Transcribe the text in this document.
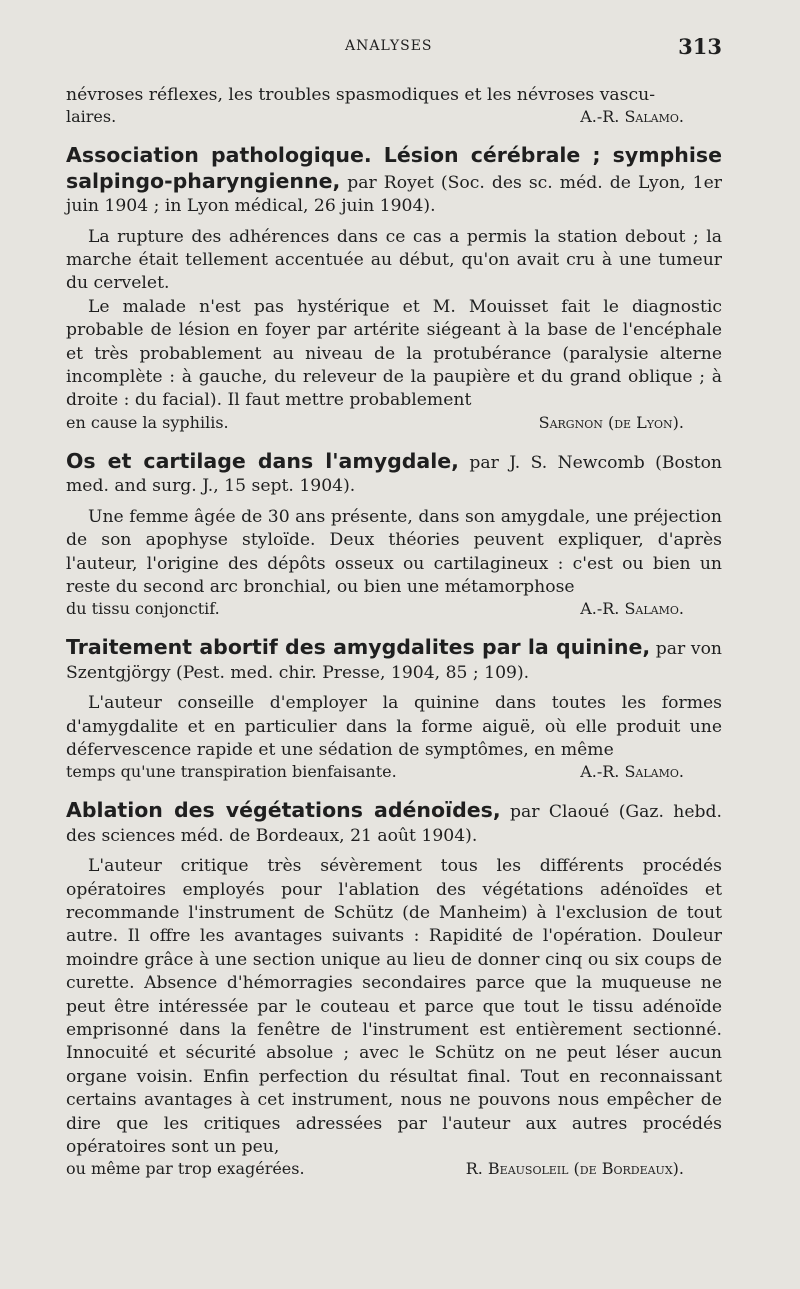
ANALYSES	313

névroses réflexes, les troubles spasmodiques et les névroses vascu-

laires.	A.-R. Salamo.
Association pathologique. Lésion cérébrale ; symphise salpingo-pharyngienne, par Royet (Soc. des sc. méd. de Lyon, 1er juin 1904 ; in Lyon médical, 26 juin 1904).

La rupture des adhérences dans ce cas a permis la station debout ; la marche était tellement accentuée au début, qu'on avait cru à une tumeur du cervelet.

Le malade n'est pas hystérique et M. Mouisset fait le diagnostic probable de lésion en foyer par artérite siégeant à la base de l'encéphale et très probablement au niveau de la protubérance (paralysie alterne incomplète : à gauche, du releveur de la paupière et du grand oblique ; à droite : du facial). Il faut mettre probablement

en cause la syphilis.	Sargnon (de Lyon).
Os et cartilage dans l'amygdale, par J. S. Newcomb (Boston med. and surg. J., 15 sept. 1904).

Une femme âgée de 30 ans présente, dans son amygdale, une préjection de son apophyse styloïde. Deux théories peuvent expliquer, d'après l'auteur, l'origine des dépôts osseux ou cartilagineux : c'est ou bien un reste du second arc bronchial, ou bien une métamorphose

du tissu conjonctif.	A.-R. Salamo.
Traitement abortif des amygdalites par la quinine, par von Szentgjörgy (Pest. med. chir. Presse, 1904, 85 ; 109).

L'auteur conseille d'employer la quinine dans toutes les formes d'amygdalite et en particulier dans la forme aiguë, où elle produit une défervescence rapide et une sédation de symptômes, en même

temps qu'une transpiration bienfaisante.	A.-R. Salamo.
Ablation des végétations adénoïdes, par Claoué (Gaz. hebd. des sciences méd. de Bordeaux, 21 août 1904).

L'auteur critique très sévèrement tous les différents procédés opératoires employés pour l'ablation des végétations adénoïdes et recommande l'instrument de Schütz (de Manheim) à l'exclusion de tout autre. Il offre les avantages suivants : Rapidité de l'opération. Douleur moindre grâce à une section unique au lieu de donner cinq ou six coups de curette. Absence d'hémorragies secondaires parce que la muqueuse ne peut être intéressée par le couteau et parce que tout le tissu adénoïde emprisonné dans la fenêtre de l'instrument est entièrement sectionné. Innocuité et sécurité absolue ; avec le Schütz on ne peut léser aucun organe voisin. Enfin perfection du résultat final. Tout en reconnaissant certains avantages à cet instrument, nous ne pouvons nous empêcher de dire que les critiques adressées par l'auteur aux autres procédés opératoires sont un peu,

ou même par trop exagérées.	R. Beausoleil (de Bordeaux).
